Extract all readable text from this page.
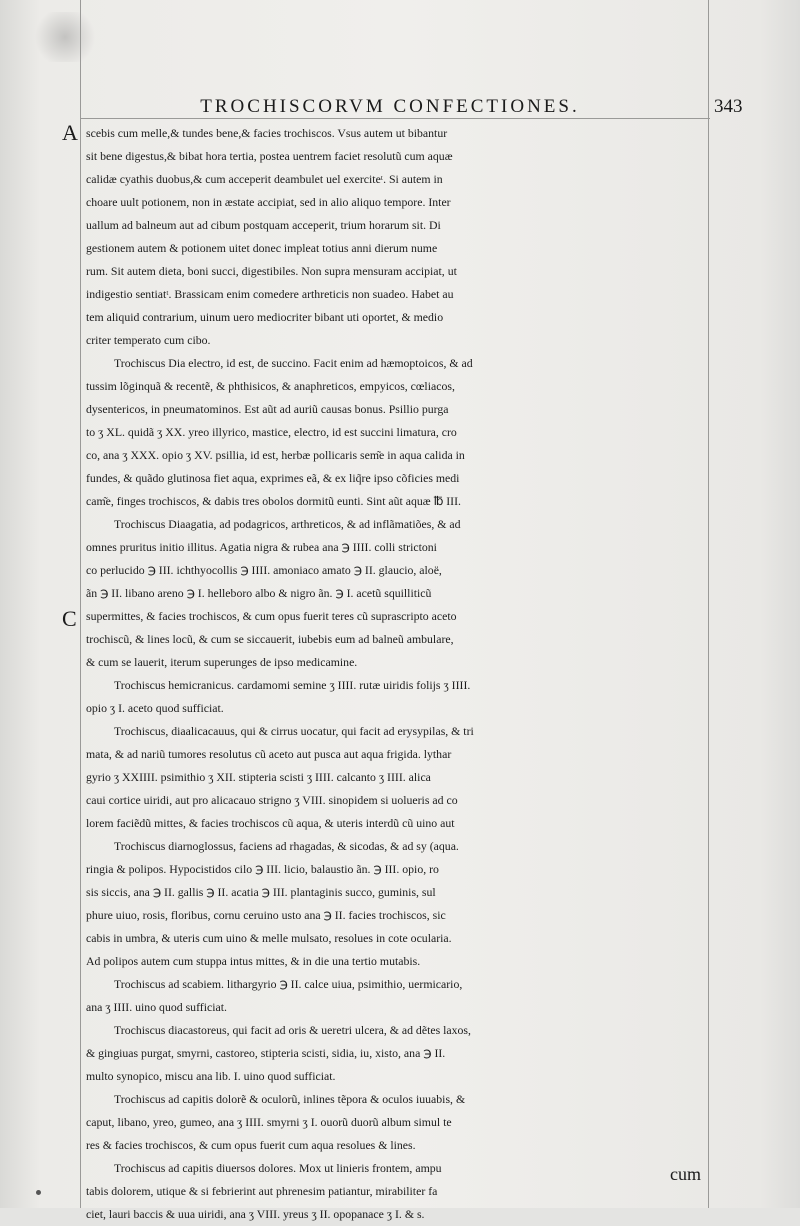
TROCHISCORVM CONFECTIONES.	343
A
C
scebis cum melle,& tundes bene,& facies trochiscos. Vsus autem ut bibantur
sit bene digestus,& bibat hora tertia, postea uentrem faciet resolutũ cum aquæ
calidæ cyathis duobus,& cum acceperit deambulet uel exerciteᵗ. Si autem in
choare uult potionem, non in æstate accipiat, sed in alio aliquo tempore. Inter
uallum ad balneum aut ad cibum postquam acceperit, trium horarum sit. Di
gestionem autem & potionem uitet donec impleat totius anni dierum nume
rum. Sit autem dieta, boni succi, digestibiles. Non supra mensuram accipiat, ut
indigestio sentiatᵗ. Brassicam enim comedere arthreticis non suadeo. Habet au
tem aliquid contrarium, uinum uero mediocriter bibant uti oportet, & medio
criter temperato cum cibo.
Trochiscus Dia electro, id est, de succino. Facit enim ad hæmoptoicos, & ad
tussim lõginquã & recentẽ, & phthisicos, & anaphreticos, empyicos, cœliacos,
dysentericos, in pneumatominos. Est aũt ad auriũ causas bonus. Psillio purga
to ʒ XL. quidã ʒ XX. yreo illyrico, mastice, electro, id est succini limatura, cro
co, ana ʒ XXX. opio ʒ XV. psillia, id est, herbæ pollicaris sem͂e in aqua calida in
fundes, & quãdo glutinosa fiet aqua, exprimes eã, & ex liq̃re ipso cõficies medi
cam͂e, finges trochiscos, & dabis tres obolos dormitũ eunti. Sint aũt aquæ ℔ III.
Trochiscus Diaagatia, ad podagricos, arthreticos, & ad inflãmatiões, & ad
omnes pruritus initio illitus. Agatia nigra & rubea ana ℈ IIII. colli strictoni
co perlucido ℈ III. ichthyocollis ℈ IIII. amoniaco amato ℈ II. glaucio, aloë,
ãn ℈ II. libano areno ℈ I. helleboro albo & nigro ãn. ℈ I. acetũ squilliticũ
supermittes, & facies trochiscos, & cum opus fuerit teres cũ suprascripto aceto
trochiscũ, & lines locũ, & cum se siccauerit, iubebis eum ad balneũ ambulare,
& cum se lauerit, iterum superunges de ipso medicamine.
Trochiscus hemicranicus. cardamomi semine ʒ IIII. rutæ uiridis folijs ʒ IIII.
opio ʒ I. aceto quod sufficiat.
Trochiscus, diaalicacauus, qui & cirrus uocatur, qui facit ad erysypilas, & tri
mata, & ad nariũ tumores resolutus cũ aceto aut pusca aut aqua frigida. lythar
gyrio ʒ XXIIII. psimithio ʒ XII. stipteria scisti ʒ IIII. calcanto ʒ IIII. alica
caui cortice uiridi, aut pro alicacauo strigno ʒ VIII. sinopidem si uolueris ad co
lorem faciẽdũ mittes, & facies trochiscos cũ aqua, & uteris interdũ cũ uino aut
Trochiscus diarnoglossus, faciens ad rhagadas, & sicodas, & ad sy (aqua.
ringia & polipos. Hypocistidos cilo ℈ III. licio, balaustio ãn. ℈ III. opio, ro
sis siccis, ana ℈ II. gallis ℈ II. acatia ℈ III. plantaginis succo, guminis, sul
phure uiuo, rosis, floribus, cornu ceruino usto ana ℈ II. facies trochiscos, sic
cabis in umbra, & uteris cum uino & melle mulsato, resolues in cote ocularia.
Ad polipos autem cum stuppa intus mittes, & in die una tertio mutabis.
Trochiscus ad scabiem. lithargyrio ℈ II. calce uiua, psimithio, uermicario,
ana ʒ IIII. uino quod sufficiat.
Trochiscus diacastoreus, qui facit ad oris & ueretri ulcera, & ad dẽtes laxos,
& gingiuas purgat, smyrni, castoreo, stipteria scisti, sidia, iu, xisto, ana ℈ II.
multo synopico, miscu ana lib. I. uino quod sufficiat.
Trochiscus ad capitis dolorẽ & oculorũ, inlines tẽpora & oculos iuuabis, &
caput, libano, yreo, gumeo, ana ʒ IIII. smyrni ʒ I. ouorũ duorũ album simul te
res & facies trochiscos, & cum opus fuerit cum aqua resolues & lines.
Trochiscus ad capitis diuersos dolores. Mox ut linieris frontem, ampu
tabis dolorem, utique & si febrierint aut phrenesim patiantur, mirabiliter fa
ciet, lauri baccis & uua uiridi, ana ʒ VIII. yreus ʒ II. opopanace ʒ I. & s.
cum
